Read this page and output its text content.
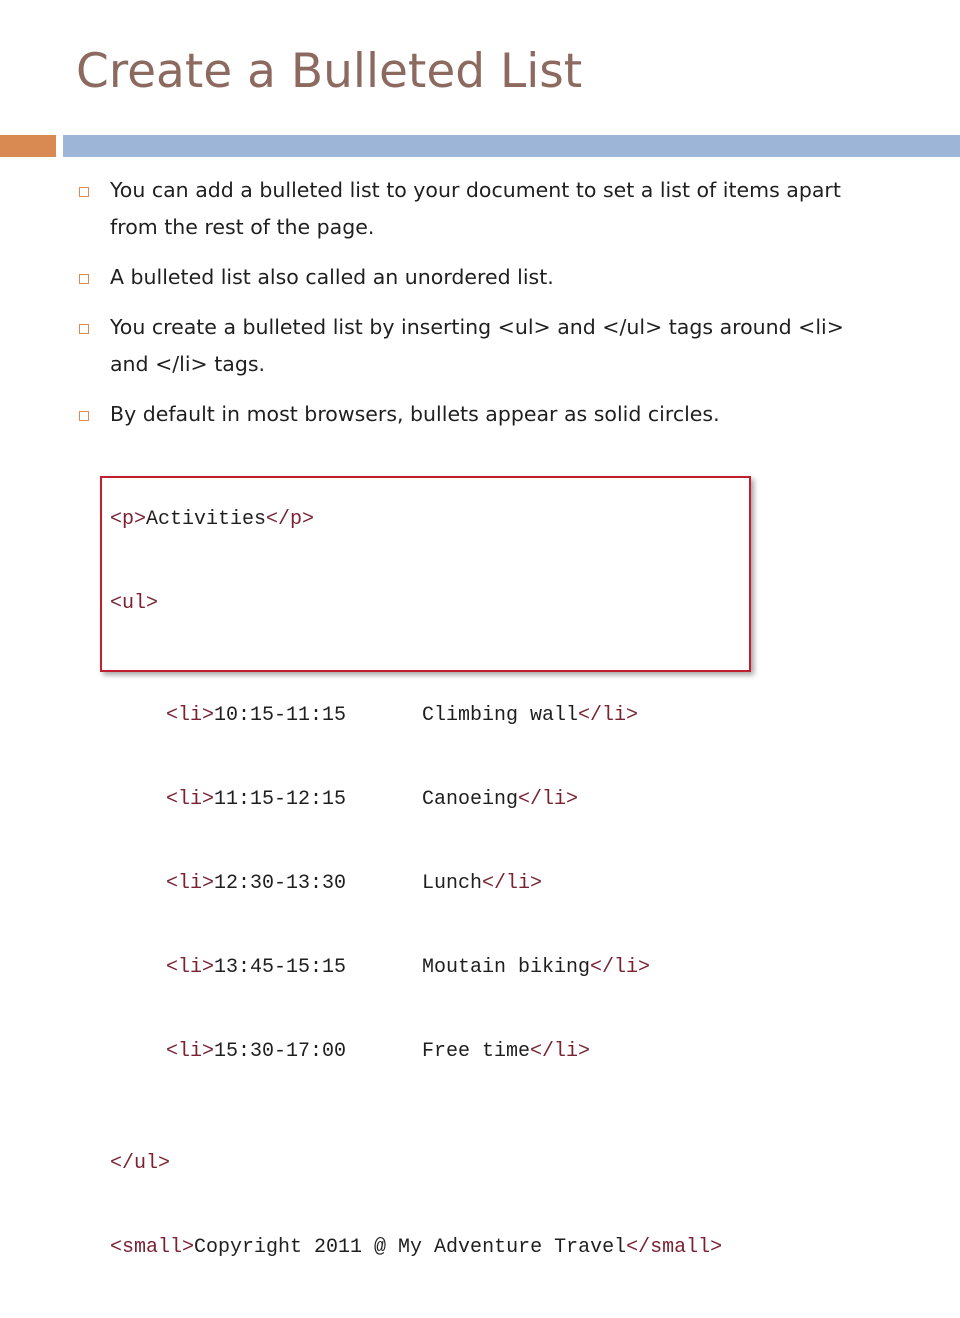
Create a Bulleted List
You can add a bulleted list to your document to set a list of items apart from the rest of the page.
A bulleted list also called an unordered list.
You create a bulleted list by inserting <ul> and </ul> tags around <li> and </li> tags.
By default in most browsers, bullets appear as solid circles.

<p>Activities</p>

<ul>

<li>10:15-11:15	Climbing wall</li>

<li>11:15-12:15	Canoeing</li>

<li>12:30-13:30	Lunch</li>

<li>13:45-15:15	Moutain biking</li>

<li>15:30-17:00	Free time</li>

</ul>

<small>Copyright 2011 @ My Adventure Travel</small>
